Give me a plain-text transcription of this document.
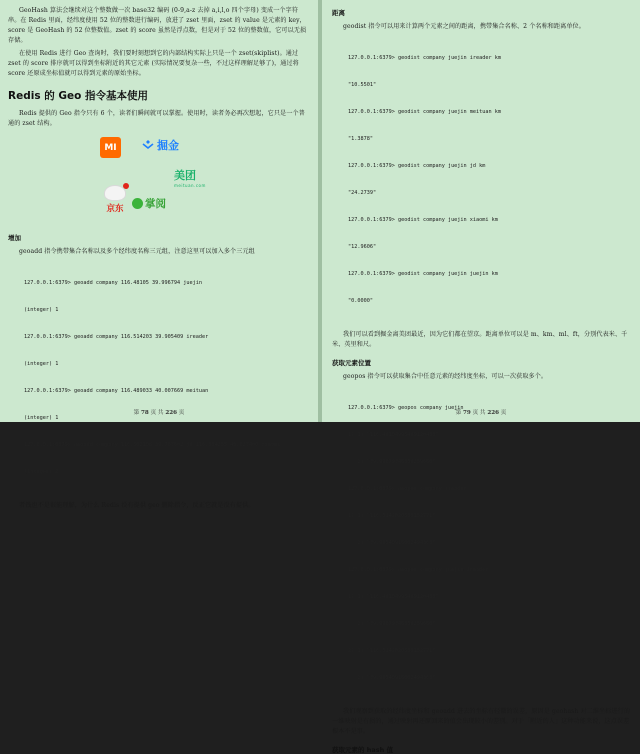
GeoHash 算法会继续对这个整数做一次 base32 编码 (0-9,a-z 去掉 a,i,l,o 四个字母) 变成一个字符串。在 Redis 里面，经纬度使用 52 位的整数进行编码，放进了 zset 里面，zset 的 value 是元素的 key，score 是 GeoHash 的 52 位整数值。zset 的 score 虽然是浮点数，但是对于 52 位的整数值，它可以无损存储。

在使用 Redis 进行 Geo 查询时，我们要时刻想到它的内部结构实际上只是一个 zset(skiplist)。通过 zset 的 score 排序就可以得到坐标附近的其它元素 (实际情况要复杂一些，不过这样理解足够了)，通过将 score 还原成坐标值就可以得到元素的原始坐标。

Redis 的 Geo 指令基本使用

Redis 提供的 Geo 指令只有 6 个，读者们瞬间就可以掌握。使用时，读者务必再次想起，它只是一个普通的 zset 结构。

MI	掘金
美团
meituan.com
京东 掌阅
增加

geoadd 指令携带集合名称以及多个经纬度名称三元组，注意这里可以加入多个三元组

127.0.0.1:6379> geoadd company 116.48105 39.996794 juejin

(integer) 1

127.0.0.1:6379> geoadd company 116.514203 39.905409 ireader

(integer) 1

127.0.0.1:6379> geoadd company 116.489033 40.007669 meituan

(integer) 1

127.0.0.1:6379> geoadd company 116.562108 39.787602 jd 116.334255 40.027400 xiaomi

(integer) 2

者钱也不是很能理解，为什么 Redis 没有提供 geo 删除指令，反正它就是没有提供。

第 78 页 共 226 页
距离

geodist 指令可以用来计算两个元素之间的距离，携带集合名称、2 个名称和距离单位。

127.0.0.1:6379> geodist company juejin ireader km

"10.5501"

127.0.0.1:6379> geodist company juejin meituan km

"1.3878"

127.0.0.1:6379> geodist company juejin jd km

"24.2739"

127.0.0.1:6379> geodist company juejin xiaomi km

"12.9606"

127.0.0.1:6379> geodist company juejin juejin km

"0.0000"

我们可以看到掘金离美团最近，因为它们都在望京。距离单位可以是 m、km、ml、ft，分别代表米、千米、英里和尺。

获取元素位置

geopos 指令可以获取集合中任意元素的经纬度坐标，可以一次获取多个。

127.0.0.1:6379> geopos company juejin

1) 1) "116.48104995489120483"

2) "39.99679348858259686"

127.0.0.1:6379> geopos company ireader

1) 1) "116.5142020583152771"

2) "39.90540918662494363"

127.0.0.1:6379> geopos company juejin ireader

1) 1) "116.48104995489120483"

2) "39.99679348858259686"

2) 1) "116.5142020583152771"

2) "39.90540918662494363"

我们观察到获取的经纬度坐标和 geoadd 进去的坐标有轻微的误差，原因是 geohash 对二维坐标进行的一维映射是有损的，通过映射再还原回来的值会出现较小的差别。对于「附近的人」这种功能来说，这点误差根本不是事。

获取元素的 hash 值
第 79 页 共 226 页
